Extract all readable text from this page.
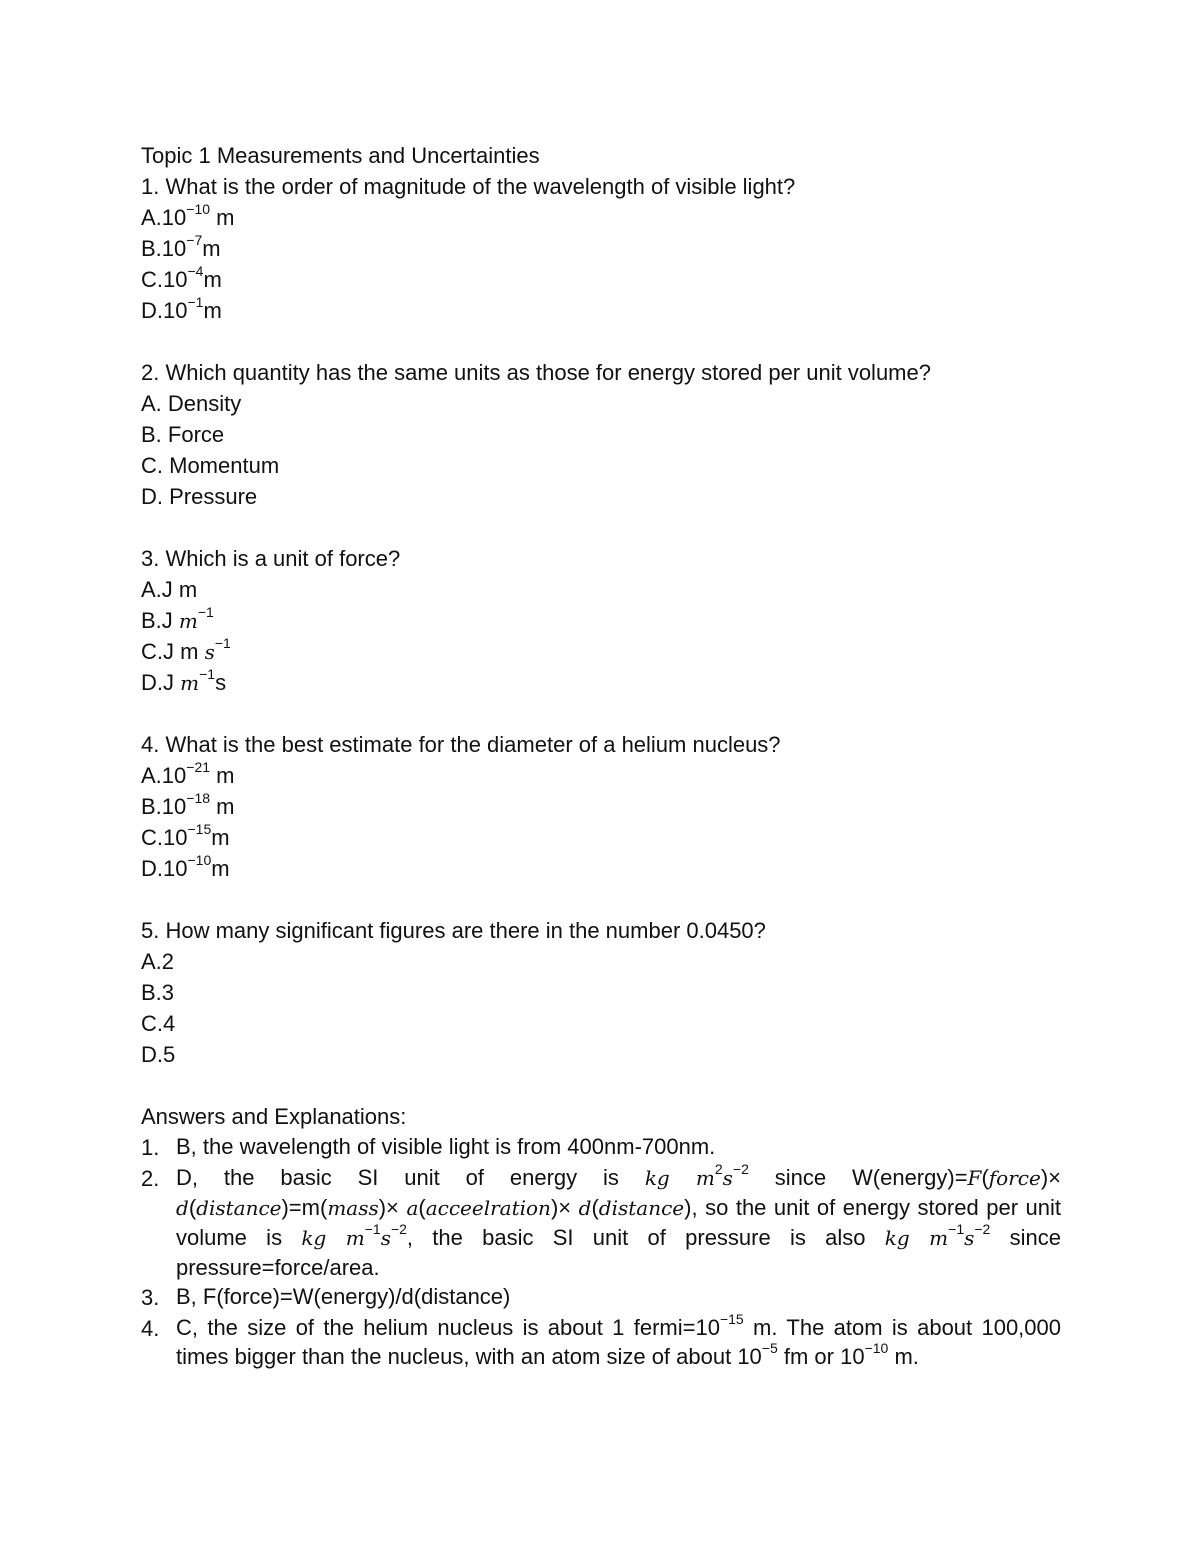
Topic 1 Measurements and Uncertainties
1. What is the order of magnitude of the wavelength of visible light?
$A.10^{-10}$ m
$B.10^{-7}m$
$C.10^{-4}m$
$D.10^{-1}m$
2. Which quantity has the same units as those for energy stored per unit volume?
A. Density
B. Force
C. Momentum
D. Pressure
3. Which is a unit of force?
A.J m
B.J $m^{-1}$
C.J m $s^{-1}$
D.J $m^{-1}s$
4. What is the best estimate for the diameter of a helium nucleus?
$A.10^{-21}$ m
$B.10^{-18}$ m
$C.10^{-15}m$
$D.10^{-10}m$
5. How many significant figures are there in the number 0.0450?
A.2
B.3
C.4
D.5
Answers and Explanations:
1. B, the wavelength of visible light is from 400nm-700nm.
2. D, the basic SI unit of energy is kg $m^2s^{-2}$ since W(energy)=F(force)× d(distance)=m(mass)× a(acceelration)× d(distance), so the unit of energy stored per unit volume is kg $m^{-1}s^{-2}$, the basic SI unit of pressure is also kg $m^{-1}s^{-2}$ since pressure=force/area.
3. B, F(force)=W(energy)/d(distance)
4. C, the size of the helium nucleus is about 1 $fermi=10^{-15}$ m. The atom is about 100,000 times bigger than the nucleus, with an atom size of about $10^{-5}$ fm or $10^{-10}$ m.
